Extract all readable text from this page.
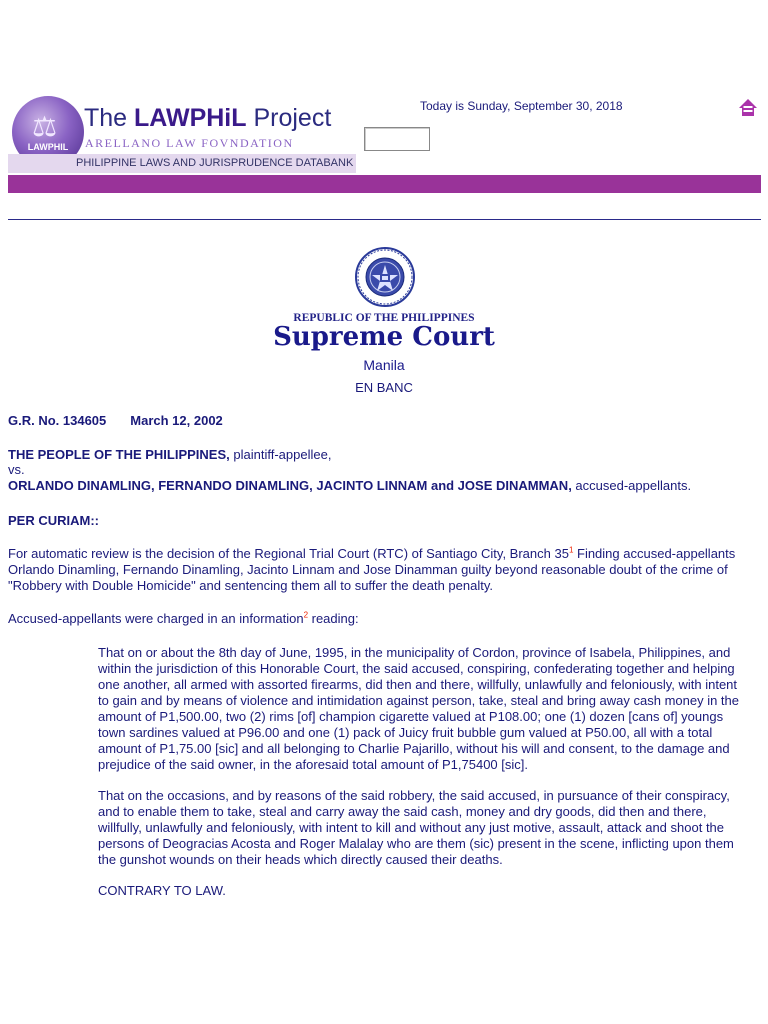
⚖
LAWPHIL
The LAWPHiL Project
ARELLANO LAW FOVNDATION
PHILIPPINE LAWS AND JURISPRUDENCE DATABANK
Today is Sunday, September 30, 2018
REPUBLIC OF THE PHILIPPINES
Supreme Court
Manila
EN BANC
G.R. No. 134605 March 12, 2002
THE PEOPLE OF THE PHILIPPINES, plaintiff-appellee,
vs.
ORLANDO DINAMLING, FERNANDO DINAMLING, JACINTO LINNAM and JOSE DINAMMAN, accused-appellants.
PER CURIAM::
For automatic review is the decision of the Regional Trial Court (RTC) of Santiago City, Branch 35$^1$ Finding accused-appellants
Orlando Dinamling, Fernando Dinamling, Jacinto Linnam and Jose Dinamman guilty beyond reasonable doubt of the crime of
"Robbery with Double Homicide" and sentencing them all to suffer the death penalty.
Accused-appellants were charged in an information$^2$ reading:
That on or about the 8th day of June, 1995, in the municipality of Cordon, province of Isabela, Philippines, and
within the jurisdiction of this Honorable Court, the said accused, conspiring, confederating together and helping
one another, all armed with assorted firearms, did then and there, willfully, unlawfully and feloniously, with intent
to gain and by means of violence and intimidation against person, take, steal and bring away cash money in the
amount of P1,500.00, two (2) rims [of] champion cigarette valued at P108.00; one (1) dozen [cans of] youngs
town sardines valued at P96.00 and one (1) pack of Juicy fruit bubble gum valued at P50.00, all with a total
amount of P1,75.00 [sic] and all belonging to Charlie Pajarillo, without his will and consent, to the damage and
prejudice of the said owner, in the aforesaid total amount of P1,75400 [sic].
That on the occasions, and by reasons of the said robbery, the said accused, in pursuance of their conspiracy,
and to enable them to take, steal and carry away the said cash, money and dry goods, did then and there,
willfully, unlawfully and feloniously, with intent to kill and without any just motive, assault, attack and shoot the
persons of Deogracias Acosta and Roger Malalay who are them (sic) present in the scene, inflicting upon them
the gunshot wounds on their heads which directly caused their deaths.
CONTRARY TO LAW.
